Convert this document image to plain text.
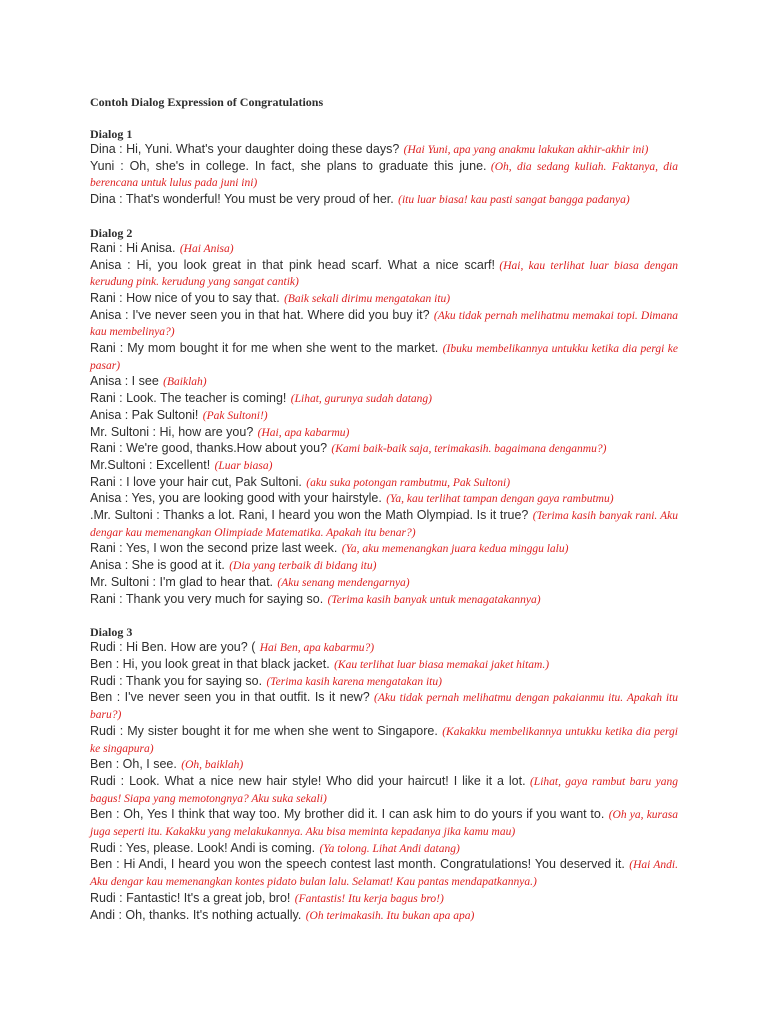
Contoh Dialog Expression of Congratulations
Dialog 1

Dina : Hi, Yuni. What's your daughter doing these days? (Hai Yuni, apa yang anakmu lakukan akhir-akhir ini)

Yuni : Oh, she's in college. In fact, she plans to graduate this june. (Oh, dia sedang kuliah. Faktanya, dia berencana untuk lulus pada juni ini)

Dina : That's wonderful! You must be very proud of her. (itu luar biasa! kau pasti sangat bangga padanya)

Dialog 2

Rani : Hi Anisa. (Hai Anisa)

Anisa : Hi, you look great in that pink head scarf. What a nice scarf! (Hai, kau terlihat luar biasa dengan kerudung pink. kerudung yang sangat cantik)

Rani : How nice of you to say that. (Baik sekali dirimu mengatakan itu)

Anisa : I've never seen you in that hat. Where did you buy it? (Aku tidak pernah melihatmu memakai topi. Dimana kau membelinya?)

Rani : My mom bought it for me when she went to the market. (Ibuku membelikannya untukku ketika dia pergi ke pasar)

Anisa : I see (Baiklah)

Rani : Look. The teacher is coming! (Lihat, gurunya sudah datang)

Anisa : Pak Sultoni! (Pak Sultoni!)

Mr. Sultoni : Hi, how are you? (Hai, apa kabarmu)

Rani : We're good, thanks.How about you? (Kami baik-baik saja, terimakasih. bagaimana denganmu?)

Mr.Sultoni : Excellent! (Luar biasa)

Rani : I love your hair cut, Pak Sultoni. (aku suka potongan rambutmu, Pak Sultoni)

Anisa : Yes, you are looking good with your hairstyle. (Ya, kau terlihat tampan dengan gaya rambutmu)

.Mr. Sultoni : Thanks a lot. Rani, I heard you won the Math Olympiad. Is it true? (Terima kasih banyak rani. Aku dengar kau memenangkan Olimpiade Matematika. Apakah itu benar?)

Rani : Yes, I won the second prize last week. (Ya, aku memenangkan juara kedua minggu lalu)

Anisa : She is good at it. (Dia yang terbaik di bidang itu)

Mr. Sultoni : I'm glad to hear that. (Aku senang mendengarnya)

Rani : Thank you very much for saying so. (Terima kasih banyak untuk menagatakannya)

Dialog 3

Rudi : Hi Ben. How are you? ( Hai Ben, apa kabarmu?)

Ben : Hi, you look great in that black jacket. (Kau terlihat luar biasa memakai jaket hitam.)

Rudi : Thank you for saying so. (Terima kasih karena mengatakan itu)

Ben : I've never seen you in that outfit. Is it new? (Aku tidak pernah melihatmu dengan pakaianmu itu. Apakah itu baru?)

Rudi : My sister bought it for me when she went to Singapore. (Kakakku membelikannya untukku ketika dia pergi ke singapura)

Ben : Oh, I see. (Oh, baiklah)

Rudi : Look. What a nice new hair style! Who did your haircut! I like it a lot. (Lihat, gaya rambut baru yang bagus! Siapa yang memotongnya? Aku suka sekali)

Ben : Oh, Yes I think that way too. My brother did it. I can ask him to do yours if you want to. (Oh ya, kurasa juga seperti itu. Kakakku yang melakukannya. Aku bisa meminta kepadanya jika kamu mau)

Rudi : Yes, please. Look! Andi is coming. (Ya tolong. Lihat Andi datang)

Ben : Hi Andi, I heard you won the speech contest last month. Congratulations! You deserved it. (Hai Andi. Aku dengar kau memenangkan kontes pidato bulan lalu. Selamat! Kau pantas mendapatkannya.)

Rudi : Fantastic! It's a great job, bro! (Fantastis! Itu kerja bagus bro!)

Andi : Oh, thanks. It's nothing actually. (Oh terimakasih. Itu bukan apa apa)
